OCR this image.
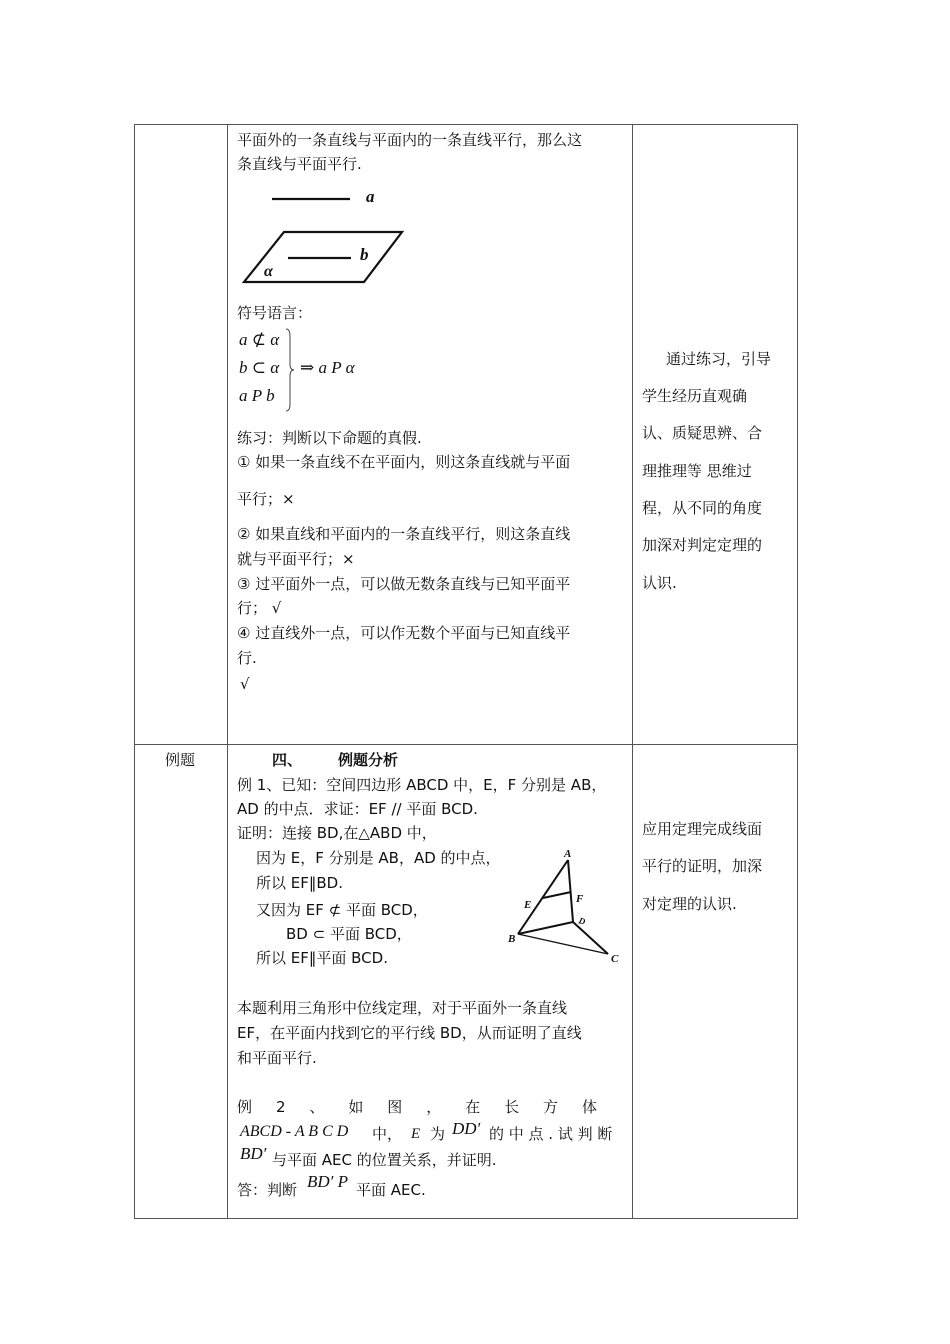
平面外的一条直线与平面内的一条直线平行，那么这
条直线与平面平行.
a
b
α
符号语言：
a ⊄ α
b ⊂ α
a P b
⇒ a P α
练习：判断以下命题的真假.
① 如果一条直线不在平面内，则这条直线就与平面
平行；×
② 如果直线和平面内的一条直线平行，则这条直线
就与平面平行；×
③ 过平面外一点，可以做无数条直线与已知平面平
行； √
④ 过直线外一点，可以作无数个平面与已知直线平
行.
√
通过练习，引导
学生经历直观确
认、质疑思辨、合
理推理等 思维过
程，从不同的角度
加深对判定定理的
认识.
例题	四、 例题分析
例 1、已知：空间四边形 ABCD 中，E，F 分别是 AB，
AD 的中点．求证：EF // 平面 BCD.
证明：连接 BD,在△ABD 中，
因为 E，F 分别是 AB，AD 的中点，
所以 EF‖BD.
又因为 EF ⊄ 平面 BCD，
BD ⊂ 平面 BCD，
所以 EF‖平面 BCD.
A
B
C
E	F
D
本题利用三角形中位线定理，对于平面外一条直线
EF，在平面内找到它的平行线 BD，从而证明了直线
和平面平行.
例 2 、 如 图 ， 在 长 方 体
ABCD - A B C D 中， E 为 DD′ 的 中 点 . 试 判 断
BD′ 与平面 AEC 的位置关系，并证明.
答：判断 BD′ P 平面 AEC.
应用定理完成线面
平行的证明，加深
对定理的认识.
